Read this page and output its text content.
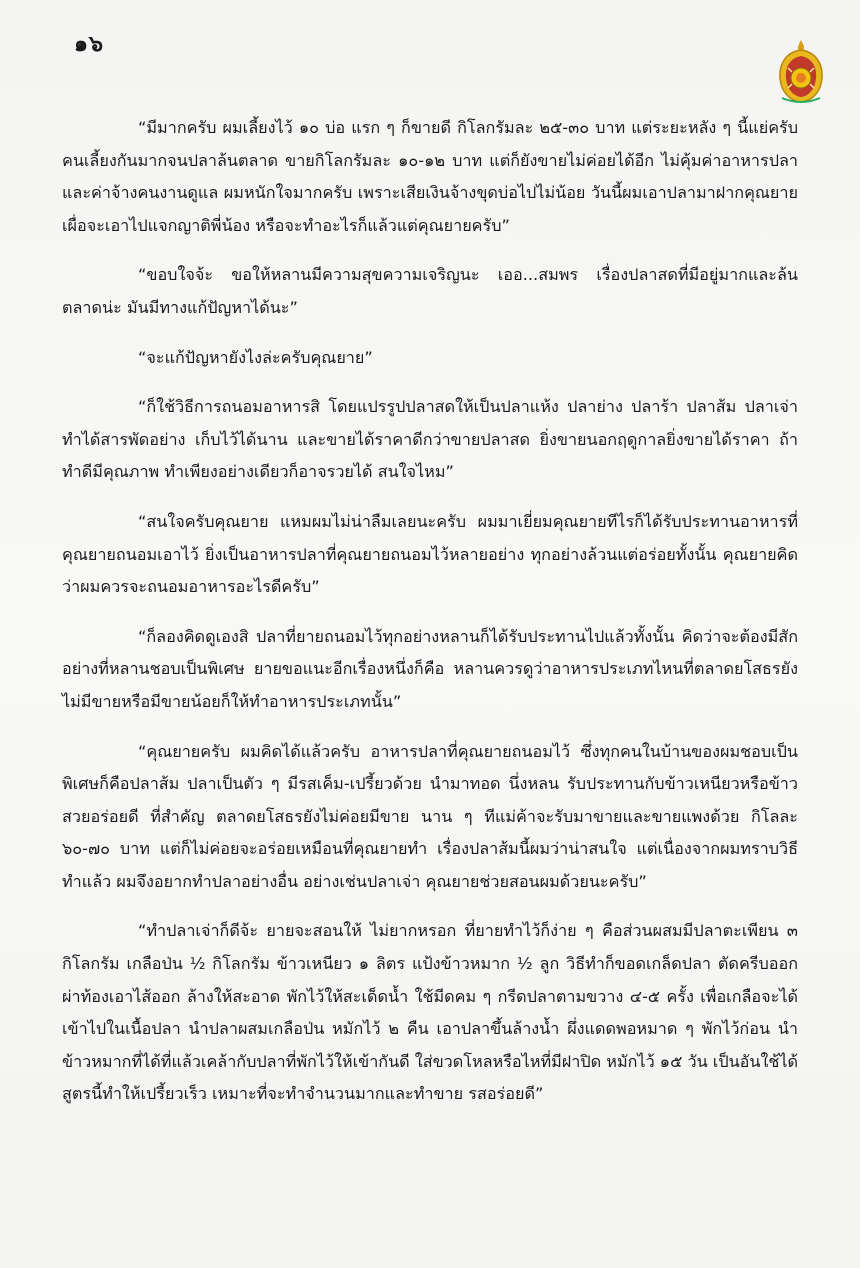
๑๖

“มีมากครับ ผมเลี้ยงไว้ ๑๐ บ่อ แรก ๆ ก็ขายดี กิโลกรัมละ ๒๕-๓๐ บาท แต่ระยะหลัง ๆ นี้แย่ครับ คนเลี้ยงกันมากจนปลาล้นตลาด ขายกิโลกรัมละ ๑๐-๑๒ บาท แต่ก็ยังขายไม่ค่อยได้อีก ไม่คุ้มค่าอาหารปลาและค่าจ้างคนงานดูแล ผมหนักใจมากครับ เพราะเสียเงินจ้างขุดบ่อไปไม่น้อย วันนี้ผมเอาปลามาฝากคุณยาย เผื่อจะเอาไปแจกญาติพี่น้อง หรือจะทำอะไรก็แล้วแต่คุณยายครับ”

“ขอบใจจ้ะ ขอให้หลานมีความสุขความเจริญนะ เออ...สมพร เรื่องปลาสดที่มีอยู่มากและล้นตลาดน่ะ มันมีทางแก้ปัญหาได้นะ”

“จะแก้ปัญหายังไงล่ะครับคุณยาย”

“ก็ใช้วิธีการถนอมอาหารสิ โดยแปรรูปปลาสดให้เป็นปลาแห้ง ปลาย่าง ปลาร้า ปลาส้ม ปลาเจ่า ทำได้สารพัดอย่าง เก็บไว้ได้นาน และขายได้ราคาดีกว่าขายปลาสด ยิ่งขายนอกฤดูกาลยิ่งขายได้ราคา ถ้าทำดีมีคุณภาพ ทำเพียงอย่างเดียวก็อาจรวยได้ สนใจไหม”

“สนใจครับคุณยาย แหมผมไม่น่าลืมเลยนะครับ ผมมาเยี่ยมคุณยายทีไรก็ได้รับประทานอาหารที่คุณยายถนอมเอาไว้ ยิ่งเป็นอาหารปลาที่คุณยายถนอมไว้หลายอย่าง ทุกอย่างล้วนแต่อร่อยทั้งนั้น คุณยายคิดว่าผมควรจะถนอมอาหารอะไรดีครับ”

“ก็ลองคิดดูเองสิ ปลาที่ยายถนอมไว้ทุกอย่างหลานก็ได้รับประทานไปแล้วทั้งนั้น คิดว่าจะต้องมีสักอย่างที่หลานชอบเป็นพิเศษ ยายขอแนะอีกเรื่องหนึ่งก็คือ หลานควรดูว่าอาหารประเภทไหนที่ตลาดยโสธรยังไม่มีขายหรือมีขายน้อยก็ให้ทำอาหารประเภทนั้น”

“คุณยายครับ ผมคิดได้แล้วครับ อาหารปลาที่คุณยายถนอมไว้ ซึ่งทุกคนในบ้านของผมชอบเป็นพิเศษก็คือปลาส้ม ปลาเป็นตัว ๆ มีรสเค็ม-เปรี้ยวด้วย นำมาทอด นึ่งหลน รับประทานกับข้าวเหนียวหรือข้าวสวยอร่อยดี ที่สำคัญ ตลาดยโสธรยังไม่ค่อยมีขาย นาน ๆ ทีแม่ค้าจะรับมาขายและขายแพงด้วย กิโลละ ๖๐-๗๐ บาท แต่ก็ไม่ค่อยจะอร่อยเหมือนที่คุณยายทำ เรื่องปลาส้มนี้ผมว่าน่าสนใจ แต่เนื่องจากผมทราบวิธีทำแล้ว ผมจึงอยากทำปลาอย่างอื่น อย่างเช่นปลาเจ่า คุณยายช่วยสอนผมด้วยนะครับ”

“ทำปลาเจ่าก็ดีจ้ะ ยายจะสอนให้ ไม่ยากหรอก ที่ยายทำไว้ก็ง่าย ๆ คือส่วนผสมมีปลาตะเพียน ๓ กิโลกรัม เกลือป่น ½ กิโลกรัม ข้าวเหนียว ๑ ลิตร แป้งข้าวหมาก ½ ลูก วิธีทำก็ขอดเกล็ดปลา ตัดครีบออก ผ่าท้องเอาไส้ออก ล้างให้สะอาด พักไว้ให้สะเด็ดน้ำ ใช้มีดคม ๆ กรีดปลาตามขวาง ๔-๕ ครั้ง เพื่อเกลือจะได้เข้าไปในเนื้อปลา นำปลาผสมเกลือป่น หมักไว้ ๒ คืน เอาปลาขึ้นล้างน้ำ ผึ่งแดดพอหมาด ๆ พักไว้ก่อน นำข้าวหมากที่ได้ที่แล้วเคล้ากับปลาที่พักไว้ให้เข้ากันดี ใส่ขวดโหลหรือไหที่มีฝาปิด หมักไว้ ๑๕ วัน เป็นอันใช้ได้ สูตรนี้ทำให้เปรี้ยวเร็ว เหมาะที่จะทำจำนวนมากและทำขาย รสอร่อยดี”
